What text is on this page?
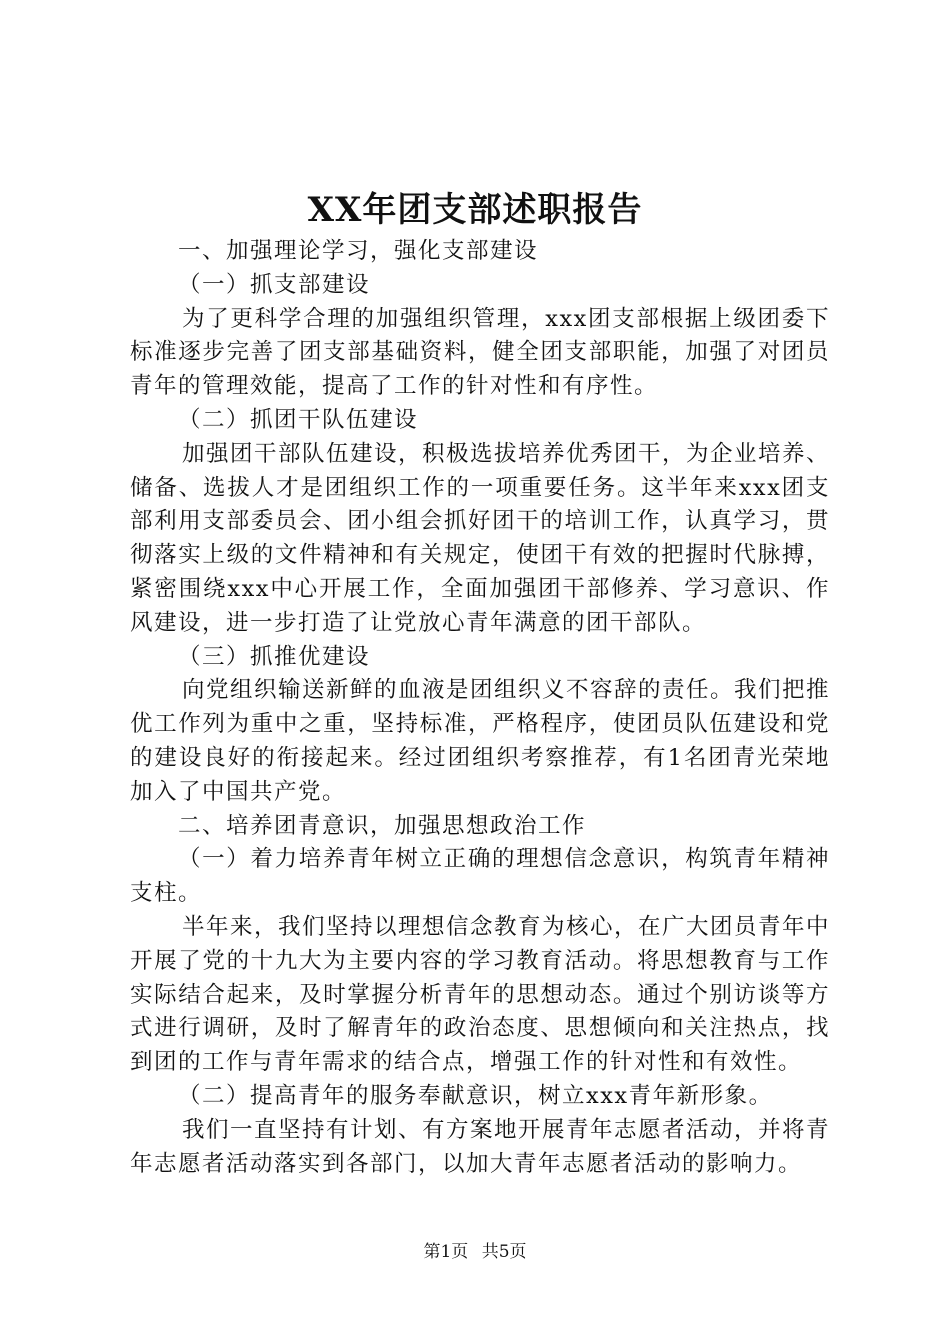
XX年团支部述职报告

一、加强理论学习，强化支部建设

（一）抓支部建设

为了更科学合理的加强组织管理，xxx团支部根据上级团委下标准逐步完善了团支部基础资料，健全团支部职能，加强了对团员青年的管理效能，提高了工作的针对性和有序性。

（二）抓团干队伍建设

加强团干部队伍建设，积极选拔培养优秀团干，为企业培养、储备、选拔人才是团组织工作的一项重要任务。这半年来xxx团支部利用支部委员会、团小组会抓好团干的培训工作，认真学习，贯彻落实上级的文件精神和有关规定，使团干有效的把握时代脉搏，紧密围绕xxx中心开展工作，全面加强团干部修养、学习意识、作风建设，进一步打造了让党放心青年满意的团干部队。

（三）抓推优建设

向党组织输送新鲜的血液是团组织义不容辞的责任。我们把推优工作列为重中之重，坚持标准，严格程序，使团员队伍建设和党的建设良好的衔接起来。经过团组织考察推荐，有1名团青光荣地加入了中国共产党。

二、培养团青意识，加强思想政治工作

（一）着力培养青年树立正确的理想信念意识，构筑青年精神支柱。

半年来，我们坚持以理想信念教育为核心，在广大团员青年中开展了党的十九大为主要内容的学习教育活动。将思想教育与工作实际结合起来，及时掌握分析青年的思想动态。通过个别访谈等方式进行调研，及时了解青年的政治态度、思想倾向和关注热点，找到团的工作与青年需求的结合点，增强工作的针对性和有效性。

（二）提高青年的服务奉献意识，树立xxx青年新形象。

我们一直坚持有计划、有方案地开展青年志愿者活动，并将青年志愿者活动落实到各部门，以加大青年志愿者活动的影响力。

第1页 共5页
